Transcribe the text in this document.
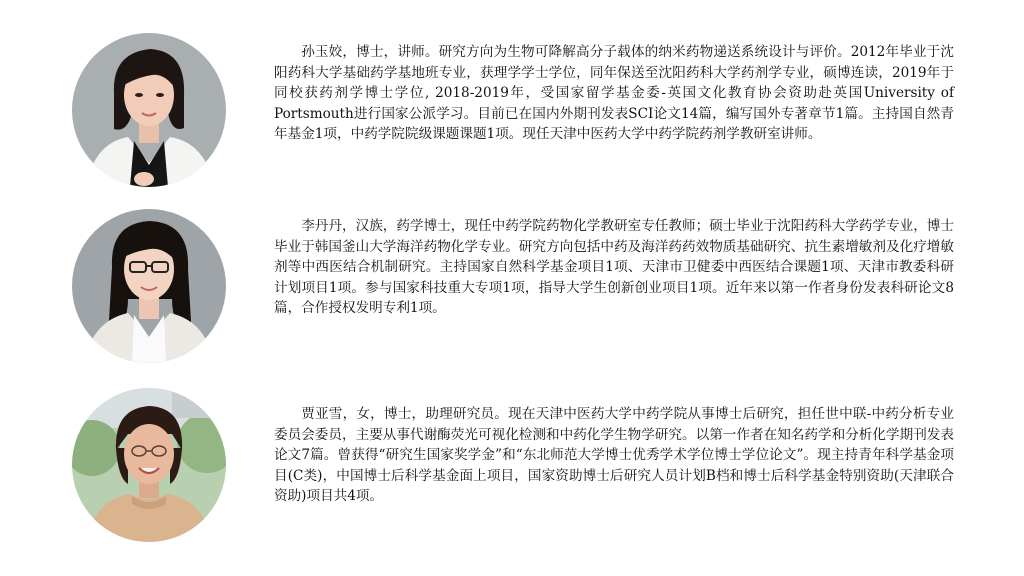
孙玉姣，博士，讲师。研究方向为生物可降解高分子载体的纳米药物递送系统设计与评价。2012年毕业于沈阳药科大学基础药学基地班专业，获理学学士学位，同年保送至沈阳药科大学药剂学专业，硕博连读，2019年于同校获药剂学博士学位, 2018-2019年，受国家留学基金委-英国文化教育协会资助赴英国University of Portsmouth进行国家公派学习。目前已在国内外期刊发表SCI论文14篇，编写国外专著章节1篇。主持国自然青年基金1项，中药学院院级课题课题1项。现任天津中医药大学中药学院药剂学教研室讲师。

李丹丹，汉族，药学博士，现任中药学院药物化学教研室专任教师；硕士毕业于沈阳药科大学药学专业，博士毕业于韩国釜山大学海洋药物化学专业。研究方向包括中药及海洋药药效物质基础研究、抗生素增敏剂及化疗增敏剂等中西医结合机制研究。主持国家自然科学基金项目1项、天津市卫健委中西医结合课题1项、天津市教委科研计划项目1项。参与国家科技重大专项1项，指导大学生创新创业项目1项。近年来以第一作者身份发表科研论文8篇，合作授权发明专利1项。

贾亚雪，女，博士，助理研究员。现在天津中医药大学中药学院从事博士后研究，担任世中联-中药分析专业委员会委员，主要从事代谢酶荧光可视化检测和中药化学生物学研究。以第一作者在知名药学和分析化学期刊发表论文7篇。曾获得“研究生国家奖学金”和“东北师范大学博士优秀学术学位博士学位论文”。现主持青年科学基金项目(C类)，中国博士后科学基金面上项目，国家资助博士后研究人员计划B档和博士后科学基金特别资助(天津联合资助)项目共4项。
